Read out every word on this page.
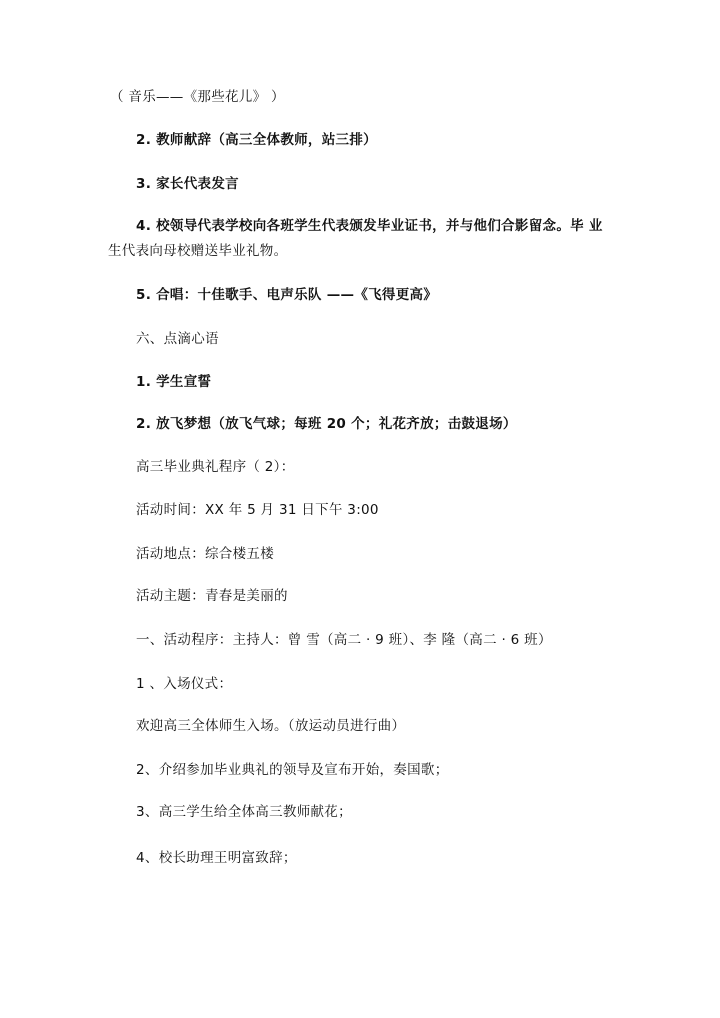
（ 音乐——《那些花儿》 ）
2. 教师献辞（高三全体教师，站三排）
3. 家长代表发言
4. 校领导代表学校向各班学生代表颁发毕业证书，并与他们合影留念。毕 业
生代表向母校赠送毕业礼物。
5. 合唱：十佳歌手、电声乐队 ——《飞得更高》
六、点滴心语
1. 学生宣誓
2. 放飞梦想（放飞气球；每班 20 个；礼花齐放；击鼓退场）
高三毕业典礼程序（ 2）：
活动时间：XX 年 5 月 31 日下午 3:00
活动地点：综合楼五楼
活动主题：青春是美丽的
一、活动程序：主持人：曾 雪（高二 · 9 班）、李 隆（高二 · 6 班）
1 、入场仪式：
欢迎高三全体师生入场。（放运动员进行曲）
2、介绍参加毕业典礼的领导及宣布开始，奏国歌；
3、高三学生给全体高三教师献花；
4、校长助理王明富致辞；
